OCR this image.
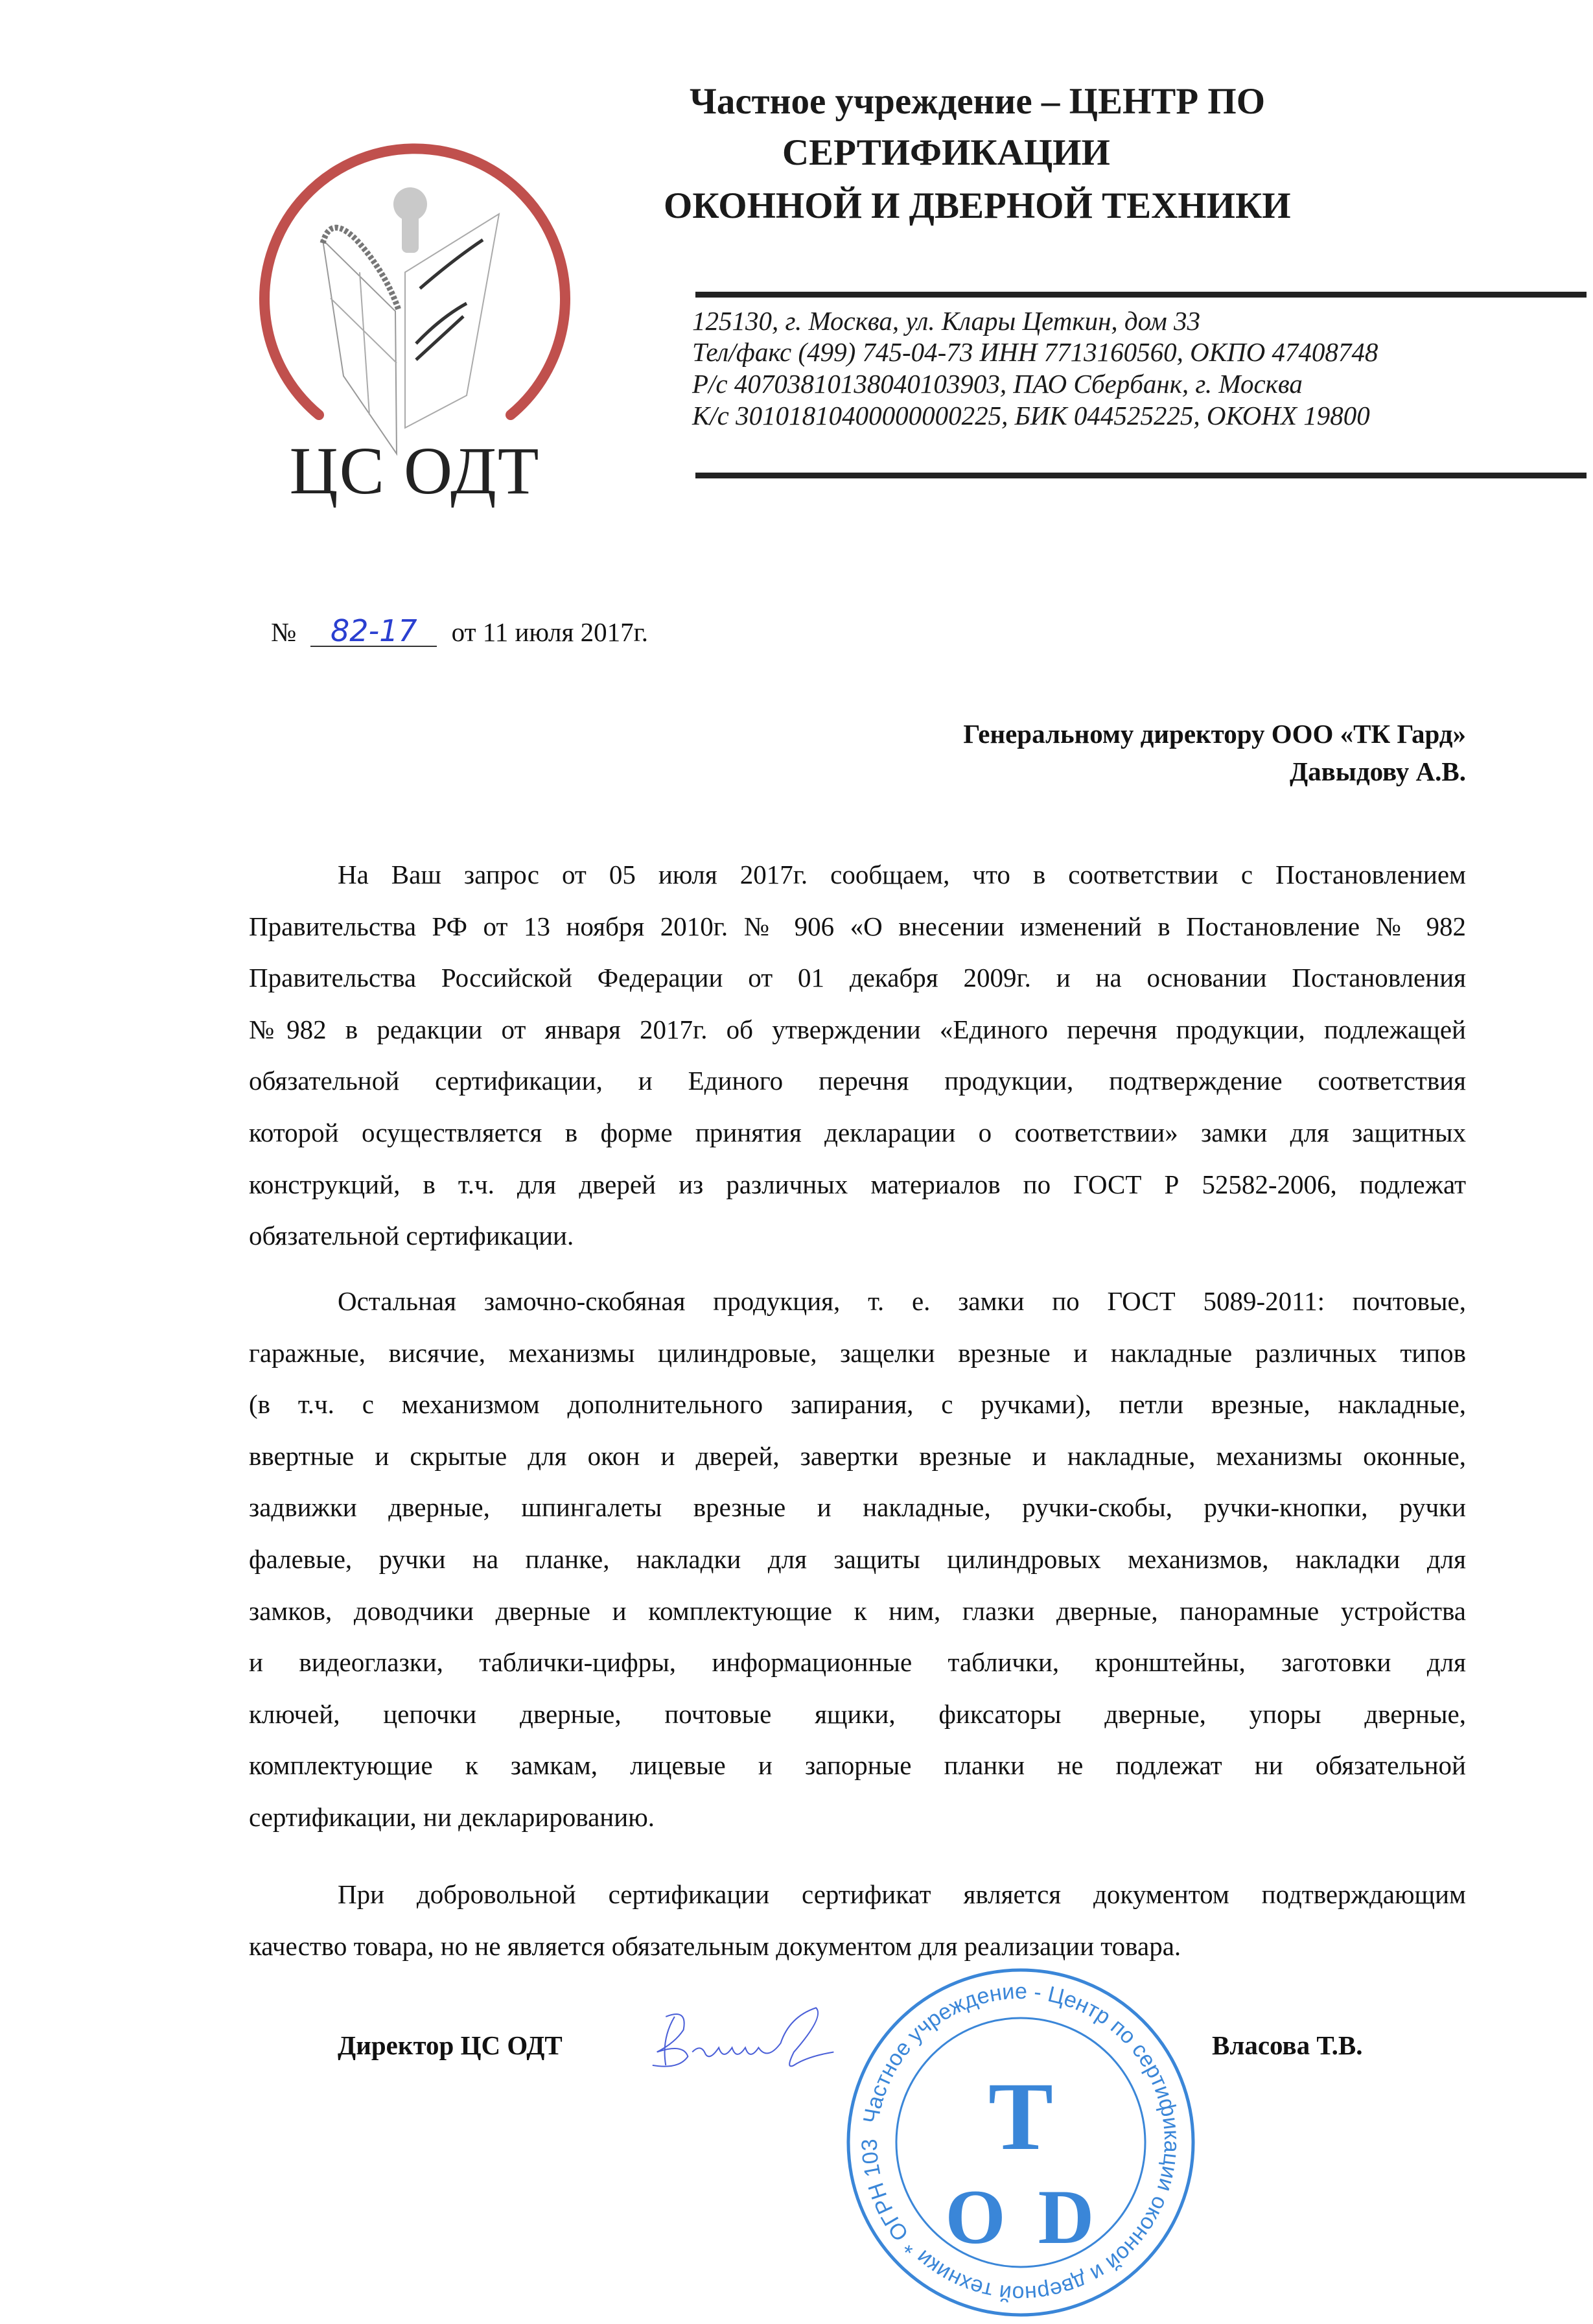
ЦС ОДТ
Частное учреждение – ЦЕНТР ПО
СЕРТИФИКАЦИИ
ОКОННОЙ И ДВЕРНОЙ ТЕХНИКИ
125130, г. Москва, ул. Клары Цеткин, дом 33
Тел/факс (499) 745-04-73 ИНН 7713160560, ОКПО 47408748
Р/с 40703810138040103903, ПАО Сбербанк, г. Москва
К/с 30101810400000000225, БИК 044525225, ОКОНХ 19800
№ 82-17 от 11 июля 2017г.
Генеральному директору ООО «ТК Гард»
Давыдову А.В.
На Ваш запрос от 05 июля 2017г. сообщаем, что в соответствии с Постановлением
Правительства РФ от 13 ноября 2010г. № 906 «О внесении изменений в Постановление № 982
Правительства Российской Федерации от 01 декабря 2009г. и на основании Постановления
№982 в редакции от января 2017г. об утверждении «Единого перечня продукции, подлежащей
обязательной сертификации, и Единого перечня продукции, подтверждение соответствия
которой осуществляется в форме принятия декларации о соответствии» замки для защитных
конструкций, в т.ч. для дверей из различных материалов по ГОСТ Р 52582-2006, подлежат
обязательной сертификации.
Остальная замочно-скобяная продукция, т. е. замки по ГОСТ 5089-2011: почтовые,
гаражные, висячие, механизмы цилиндровые, защелки врезные и накладные различных типов
(в т.ч. с механизмом дополнительного запирания, с ручками), петли врезные, накладные,
ввертные и скрытые для окон и дверей, завертки врезные и накладные, механизмы оконные,
задвижки дверные, шпингалеты врезные и накладные, ручки-скобы, ручки-кнопки, ручки
фалевые, ручки на планке, накладки для защиты цилиндровых механизмов, накладки для
замков, доводчики дверные и комплектующие к ним, глазки дверные, панорамные устройства
и видеоглазки, таблички-цифры, информационные таблички, кронштейны, заготовки для
ключей, цепочки дверные, почтовые ящики, фиксаторы дверные, упоры дверные,
комплектующие к замкам, лицевые и запорные планки не подлежат ни обязательной
сертификации, ни декларированию.
При добровольной сертификации сертификат является документом подтверждающим
качество товара, но не является обязательным документом для реализации товара.
Директор ЦС ОДТ	Власова Т.В.
Частное учреждение - Центр по сертификации оконной и дверной техники * ОГРН 103	Т
О D
